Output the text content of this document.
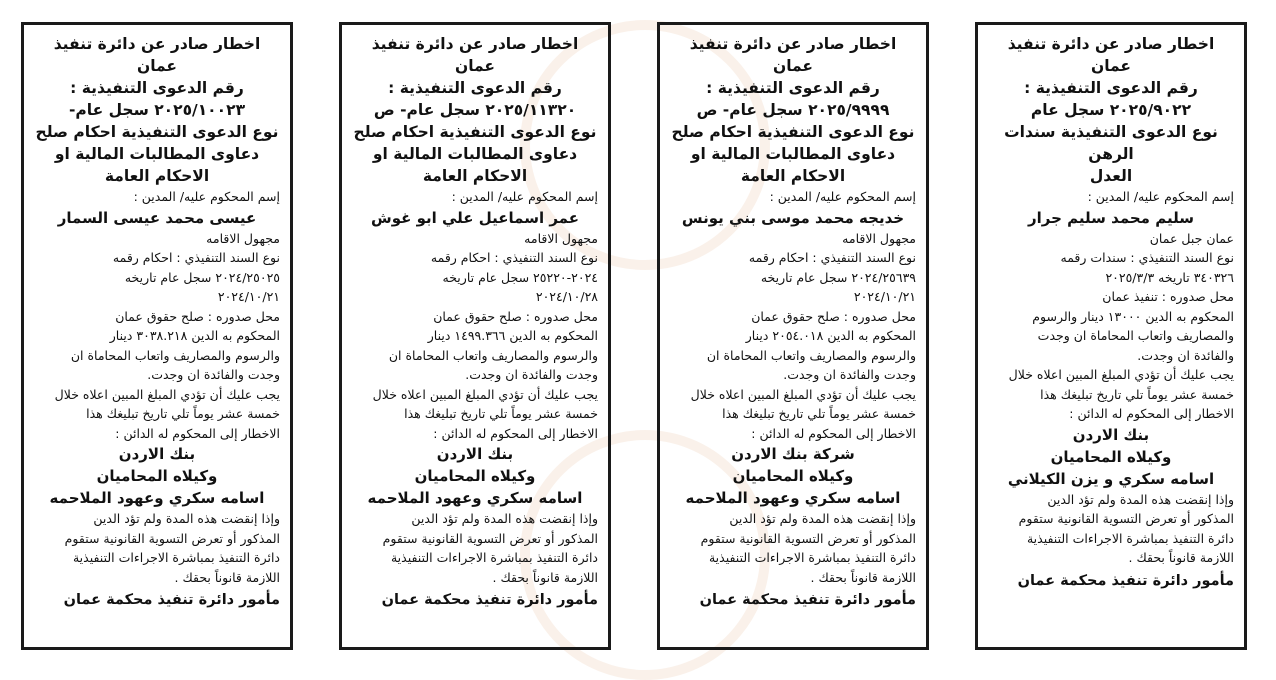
اخطار صادر عن دائرة تنفيذ عمان
رقم الدعوى التنفيذية :
٢٠٢٥/٩٠٢٢ سجل عام
نوع الدعوى التنفيذية سندات الرهن
العدل
إسم المحكوم عليه/ المدين :
سليم محمد سليم جرار
عمان جبل عمان
نوع السند التنفيذي : سندات رقمه
٣٤٠٣٢٦ تاريخه ٢٠٢٥/٣/٣
محل صدوره : تنفيذ عمان
المحكوم به الدين ١٣٠٠٠ دينار والرسوم
والمصاريف واتعاب المحاماة ان وجدت
والفائدة ان وجدت.
يجب عليك أن تؤدي المبلغ المبين اعلاه خلال
خمسة عشر يوماً تلي تاريخ تبليغك هذا
الاخطار إلى المحكوم له الدائن :
بنك الاردن
وكيلاه المحاميان
اسامه سكري و يزن الكيلاني
وإذا إنقضت هذه المدة ولم تؤد الدين
المذكور أو تعرض التسوية القانونية ستقوم
دائرة التنفيذ بمباشرة الاجراءات التنفيذية
اللازمة قانوناً بحقك .
مأمور دائرة تنفيذ محكمة عمان
اخطار صادر عن دائرة تنفيذ عمان
رقم الدعوى التنفيذية :
٢٠٢٥/٩٩٩٩ سجل عام- ص
نوع الدعوى التنفيذية احكام صلح
دعاوى المطالبات المالية او الاحكام العامة
إسم المحكوم عليه/ المدين :
خديجه محمد موسى بني يونس
مجهول الاقامه
نوع السند التنفيذي : احكام رقمه
٢٠٢٤/٢٥٦٣٩ سجل عام تاريخه
٢٠٢٤/١٠/٢١
محل صدوره : صلح حقوق عمان
المحكوم به الدين ٢٠٥٤.٠١٨ دينار
والرسوم والمصاريف واتعاب المحاماة ان
وجدت والفائدة ان وجدت.
يجب عليك أن تؤدي المبلغ المبين اعلاه خلال
خمسة عشر يوماً تلي تاريخ تبليغك هذا
الاخطار إلى المحكوم له الدائن :
شركة بنك الاردن
وكيلاه المحاميان
اسامه سكري وعهود الملاحمه
وإذا إنقضت هذه المدة ولم تؤد الدين
المذكور أو تعرض التسوية القانونية ستقوم
دائرة التنفيذ بمباشرة الاجراءات التنفيذية
اللازمة قانوناً بحقك .
مأمور دائرة تنفيذ محكمة عمان
اخطار صادر عن دائرة تنفيذ عمان
رقم الدعوى التنفيذية :
٢٠٢٥/١١٣٢٠ سجل عام- ص
نوع الدعوى التنفيذية احكام صلح
دعاوى المطالبات المالية او الاحكام العامة
إسم المحكوم عليه/ المدين :
عمر اسماعيل علي ابو غوش
مجهول الاقامه
نوع السند التنفيذي : احكام رقمه
٢٠٢٤-٢٥٢٢٠ سجل عام تاريخه
٢٠٢٤/١٠/٢٨
محل صدوره : صلح حقوق عمان
المحكوم به الدين ١٤٩٩.٣٦٦ دينار
والرسوم والمصاريف واتعاب المحاماة ان
وجدت والفائدة ان وجدت.
يجب عليك أن تؤدي المبلغ المبين اعلاه خلال
خمسة عشر يوماً تلي تاريخ تبليغك هذا
الاخطار إلى المحكوم له الدائن :
بنك الاردن
وكيلاه المحاميان
اسامه سكري وعهود الملاحمه
وإذا إنقضت هذه المدة ولم تؤد الدين
المذكور أو تعرض التسوية القانونية ستقوم
دائرة التنفيذ بمباشرة الاجراءات التنفيذية
اللازمة قانوناً بحقك .
مأمور دائرة تنفيذ محكمة عمان
اخطار صادر عن دائرة تنفيذ عمان
رقم الدعوى التنفيذية :
٢٠٢٥/١٠٠٢٣ سجل عام-
نوع الدعوى التنفيذية احكام صلح
دعاوى المطالبات المالية او الاحكام العامة
إسم المحكوم عليه/ المدين :
عيسى محمد عيسى السمار
مجهول الاقامه
نوع السند التنفيذي : احكام رقمه
٢٠٢٤/٢٥٠٢٥ سجل عام تاريخه
٢٠٢٤/١٠/٢١
محل صدوره : صلح حقوق عمان
المحكوم به الدين ٣٠٣٨.٢١٨ دينار
والرسوم والمصاريف واتعاب المحاماة ان
وجدت والفائدة ان وجدت.
يجب عليك أن تؤدي المبلغ المبين اعلاه خلال
خمسة عشر يوماً تلي تاريخ تبليغك هذا
الاخطار إلى المحكوم له الدائن :
بنك الاردن
وكيلاه المحاميان
اسامه سكري وعهود الملاحمه
وإذا إنقضت هذه المدة ولم تؤد الدين
المذكور أو تعرض التسوية القانونية ستقوم
دائرة التنفيذ بمباشرة الاجراءات التنفيذية
اللازمة قانوناً بحقك .
مأمور دائرة تنفيذ محكمة عمان
